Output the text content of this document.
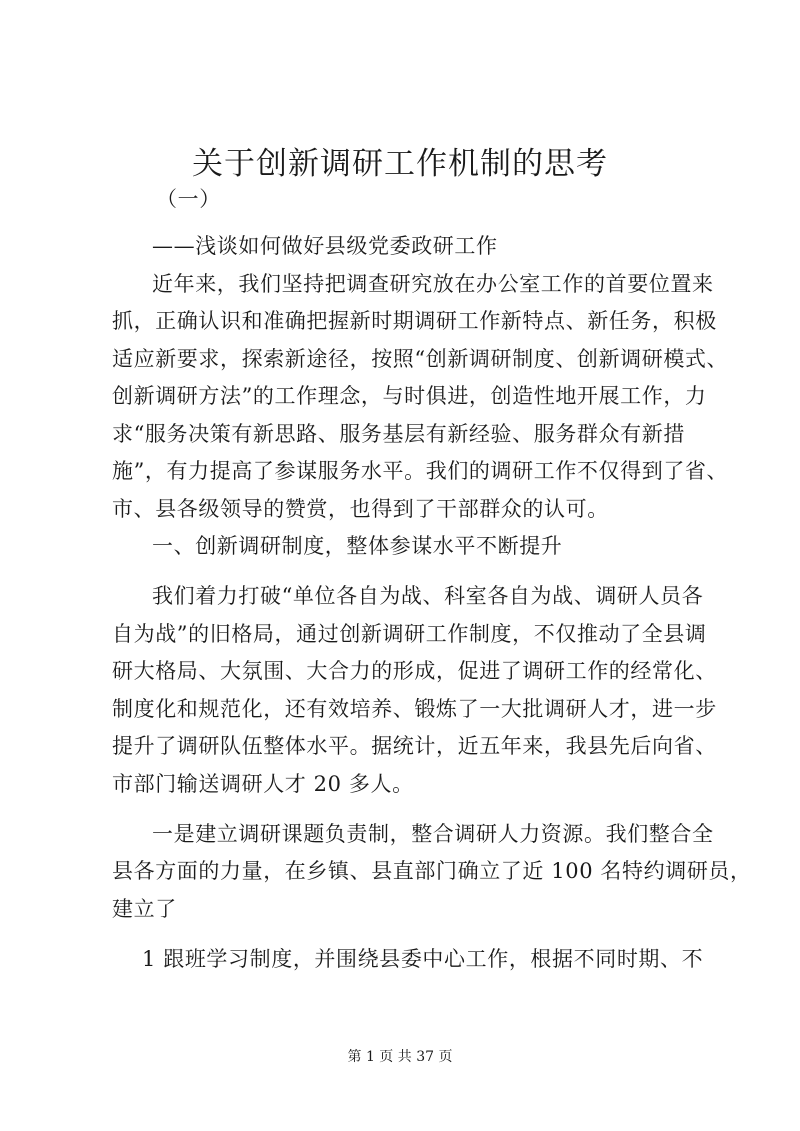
关于创新调研工作机制的思考
（一）
——浅谈如何做好县级党委政研工作
近年来，我们坚持把调查研究放在办公室工作的首要位置来
抓，正确认识和准确把握新时期调研工作新特点、新任务，积极
适应新要求，探索新途径，按照“创新调研制度、创新调研模式、
创新调研方法”的工作理念，与时俱进，创造性地开展工作，力
求“服务决策有新思路、服务基层有新经验、服务群众有新措
施”，有力提高了参谋服务水平。我们的调研工作不仅得到了省、
市、县各级领导的赞赏，也得到了干部群众的认可。
一、创新调研制度，整体参谋水平不断提升
我们着力打破“单位各自为战、科室各自为战、调研人员各
自为战”的旧格局，通过创新调研工作制度，不仅推动了全县调
研大格局、大氛围、大合力的形成，促进了调研工作的经常化、
制度化和规范化，还有效培养、锻炼了一大批调研人才，进一步
提升了调研队伍整体水平。据统计，近五年来，我县先后向省、
市部门输送调研人才 20 多人。
一是建立调研课题负责制，整合调研人力资源。我们整合全
县各方面的力量，在乡镇、县直部门确立了近 100 名特约调研员，
建立了
1 跟班学习制度，并围绕县委中心工作，根据不同时期、不
第 1 页 共 37 页
